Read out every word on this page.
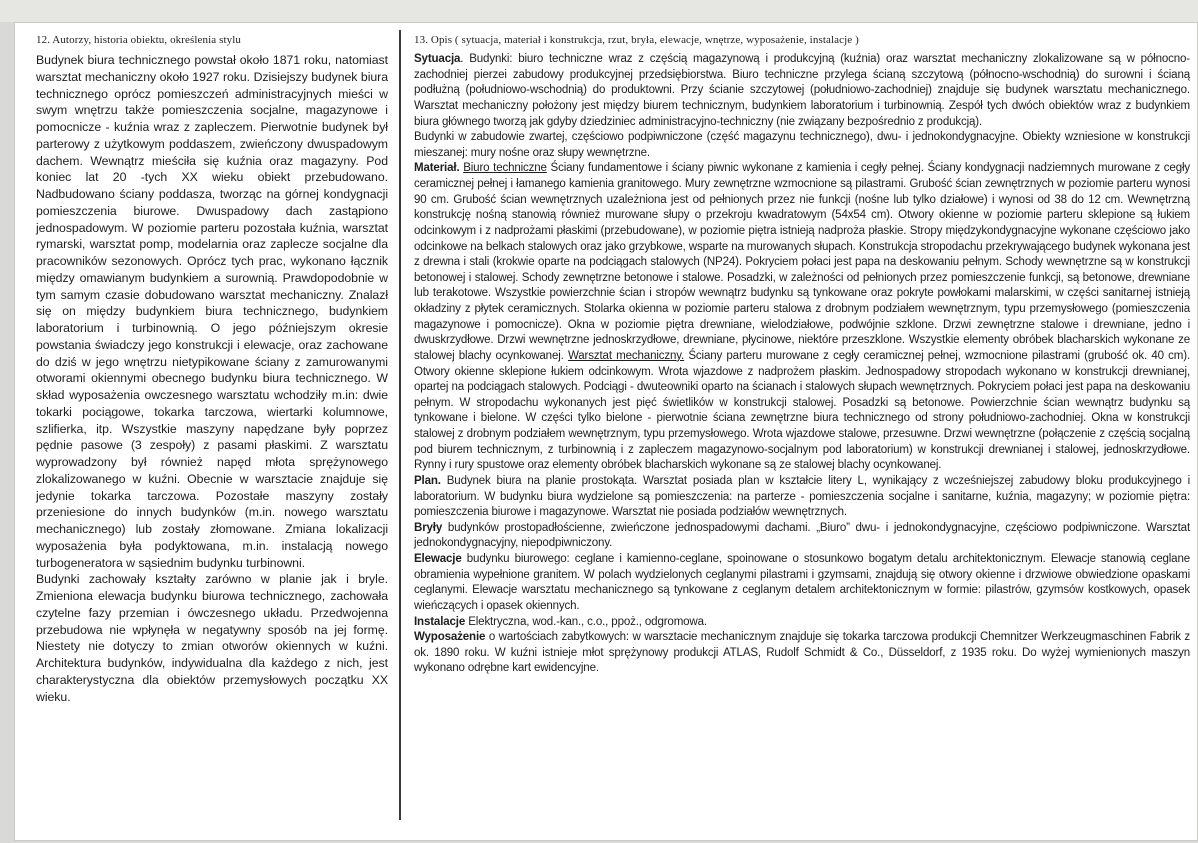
12. Autorzy, historia obiektu, określenia stylu

Budynek biura technicznego powstał około 1871 roku, natomiast warsztat mechaniczny około 1927 roku. Dzisiejszy budynek biura technicznego oprócz pomieszczeń administracyjnych mieści w swym wnętrzu także pomieszczenia socjalne, magazynowe i pomocnicze - kuźnia wraz z zapleczem. Pierwotnie budynek był parterowy z użytkowym poddaszem, zwieńczony dwuspadowym dachem. Wewnątrz mieściła się kuźnia oraz magazyny. Pod koniec lat 20 -tych XX wieku obiekt przebudowano. Nadbudowano ściany poddasza, tworząc na górnej kondygnacji pomieszczenia biurowe. Dwuspadowy dach zastąpiono jednospadowym. W poziomie parteru pozostała kuźnia, warsztat rymarski, warsztat pomp, modelarnia oraz zaplecze socjalne dla pracowników sezonowych. Oprócz tych prac, wykonano łącznik między omawianym budynkiem a surownią. Prawdopodobnie w tym samym czasie dobudowano warsztat mechaniczny. Znalazł się on między budynkiem biura technicznego, budynkiem laboratorium i turbinownią. O jego późniejszym okresie powstania świadczy jego konstrukcji i elewacje, oraz zachowane do dziś w jego wnętrzu nietypikowane ściany z zamurowanymi otworami okiennymi obecnego budynku biura technicznego. W skład wyposażenia owczesnego warsztatu wchodziły m.in: dwie tokarki pociągowe, tokarka tarczowa, wiertarki kolumnowe, szlifierka, itp. Wszystkie maszyny napędzane były poprzez pędnie pasowe (3 zespoły) z pasami płaskimi. Z warsztatu wyprowadzony był również napęd młota sprężynowego zlokalizowanego w kuźni. Obecnie w warsztacie znajduje się jedynie tokarka tarczowa. Pozostałe maszyny zostały przeniesione do innych budynków (m.in. nowego warsztatu mechanicznego) lub zostały złomowane. Zmiana lokalizacji wyposażenia była podyktowana, m.in. instalacją nowego turbogeneratora w sąsiednim budynku turbinowni.

Budynki zachowały kształty zarówno w planie jak i bryle. Zmieniona elewacja budynku biurowa technicznego, zachowała czytelne fazy przemian i ówczesnego układu. Przedwojenna przebudowa nie wpłynęła w negatywny sposób na jej formę. Niestety nie dotyczy to zmian otworów okiennych w kuźni. Architektura budynków, indywidualna dla każdego z nich, jest charakterystyczna dla obiektów przemysłowych początku XX wieku.

13. Opis ( sytuacja, materiał i konstrukcja, rzut, bryła, elewacje, wnętrze, wyposażenie, instalacje )

Sytuacja. Budynki: biuro techniczne wraz z częścią magazynową i produkcyjną (kuźnia) oraz warsztat mechaniczny zlokalizowane są w północno-zachodniej pierzei zabudowy produkcyjnej przedsiębiorstwa. Biuro techniczne przylega ścianą szczytową (północno-wschodnią) do surowni i ścianą podłużną (południowo-wschodnią) do produktowni. Przy ścianie szczytowej (południowo-zachodniej) znajduje się budynek warsztatu mechanicznego. Warsztat mechaniczny położony jest między biurem technicznym, budynkiem laboratorium i turbinownią. Zespół tych dwóch obiektów wraz z budynkiem biura głównego tworzą jak gdyby dziedziniec administracyjno-techniczny (nie związany bezpośrednio z produkcją).

Budynki w zabudowie zwartej, częściowo podpiwniczone (część magazynu technicznego), dwu- i jednokondygnacyjne. Obiekty wzniesione w konstrukcji mieszanej: mury nośne oraz słupy wewnętrzne.

Materiał. Biuro techniczne Ściany fundamentowe i ściany piwnic wykonane z kamienia i cegły pełnej. Ściany kondygnacji nadziemnych murowane z cegły ceramicznej pełnej i łamanego kamienia granitowego. Mury zewnętrzne wzmocnione są pilastrami. Grubość ścian zewnętrznych w poziomie parteru wynosi 90 cm. Grubość ścian wewnętrznych uzależniona jest od pełnionych przez nie funkcji (nośne lub tylko działowe) i wynosi od 38 do 12 cm. Wewnętrzną konstrukcję nośną stanowią również murowane słupy o przekroju kwadratowym (54x54 cm). Otwory okienne w poziomie parteru sklepione są łukiem odcinkowym i z nadprożami płaskimi (przebudowane), w poziomie piętra istnieją nadproża płaskie. Stropy międzykondygnacyjne wykonane częściowo jako odcinkowe na belkach stalowych oraz jako grzybkowe, wsparte na murowanych słupach. Konstrukcja stropodachu przekrywającego budynek wykonana jest z drewna i stali (krokwie oparte na podciągach stalowych (NP24). Pokryciem połaci jest papa na deskowaniu pełnym. Schody wewnętrzne są w konstrukcji betonowej i stalowej. Schody zewnętrzne betonowe i stalowe. Posadzki, w zależności od pełnionych przez pomieszczenie funkcji, są betonowe, drewniane lub terakotowe. Wszystkie powierzchnie ścian i stropów wewnątrz budynku są tynkowane oraz pokryte powłokami malarskimi, w części sanitarnej istnieją okładziny z płytek ceramicznych. Stolarka okienna w poziomie parteru stalowa z drobnym podziałem wewnętrznym, typu przemysłowego (pomieszczenia magazynowe i pomocnicze). Okna w poziomie piętra drewniane, wielodziałowe, podwójnie szklone. Drzwi zewnętrzne stalowe i drewniane, jedno i dwuskrzydłowe. Drzwi wewnętrzne jednoskrzydłowe, drewniane, płycinowe, niektóre przeszklone. Wszystkie elementy obróbek blacharskich wykonane ze stalowej blachy ocynkowanej. Warsztat mechaniczny. Ściany parteru murowane z cegły ceramicznej pełnej, wzmocnione pilastrami (grubość ok. 40 cm). Otwory okienne sklepione łukiem odcinkowym. Wrota wjazdowe z nadprożem płaskim. Jednospadowy stropodach wykonano w konstrukcji drewnianej, opartej na podciągach stalowych. Podciągi - dwuteowniki oparto na ścianach i stalowych słupach wewnętrznych. Pokryciem połaci jest papa na deskowaniu pełnym. W stropodachu wykonanych jest pięć świetlików w konstrukcji stalowej. Posadzki są betonowe. Powierzchnie ścian wewnątrz budynku są tynkowane i bielone. W części tylko bielone - pierwotnie ściana zewnętrzne biura technicznego od strony południowo-zachodniej. Okna w konstrukcji stalowej z drobnym podziałem wewnętrznym, typu przemysłowego. Wrota wjazdowe stalowe, przesuwne. Drzwi wewnętrzne (połączenie z częścią socjalną pod biurem technicznym, z turbinownią i z zapleczem magazynowo-socjalnym pod laboratorium) w konstrukcji drewnianej i stalowej, jednoskrzydłowe. Rynny i rury spustowe oraz elementy obróbek blacharskich wykonane są ze stalowej blachy ocynkowanej.

Plan. Budynek biura na planie prostokąta. Warsztat posiada plan w kształcie litery L, wynikający z wcześniejszej zabudowy bloku produkcyjnego i laboratorium. W budynku biura wydzielone są pomieszczenia: na parterze - pomieszczenia socjalne i sanitarne, kuźnia, magazyny; w poziomie piętra: pomieszczenia biurowe i magazynowe. Warsztat nie posiada podziałów wewnętrznych.

Bryły budynków prostopadłościenne, zwieńczone jednospadowymi dachami. „Biuro” dwu- i jednokondygnacyjne, częściowo podpiwniczone. Warsztat jednokondygnacyjny, niepodpiwniczony.

Elewacje budynku biurowego: ceglane i kamienno-ceglane, spoinowane o stosunkowo bogatym detalu architektonicznym. Elewacje stanowią ceglane obramienia wypełnione granitem. W polach wydzielonych ceglanymi pilastrami i gzymsami, znajdują się otwory okienne i drzwiowe obwiedzione opaskami ceglanymi. Elewacje warsztatu mechanicznego są tynkowane z ceglanym detalem architektonicznym w formie: pilastrów, gzymsów kostkowych, opasek wieńczących i opasek okiennych.

Instalacje Elektryczna, wod.-kan., c.o., ppoż., odgromowa.

Wyposażenie o wartościach zabytkowych: w warsztacie mechanicznym znajduje się tokarka tarczowa produkcji Chemnitzer Werkzeugmaschinen Fabrik z ok. 1890 roku. W kuźni istnieje młot sprężynowy produkcji ATLAS, Rudolf Schmidt & Co., Düsseldorf, z 1935 roku. Do wyżej wymienionych maszyn wykonano odrębne kart ewidencyjne.
